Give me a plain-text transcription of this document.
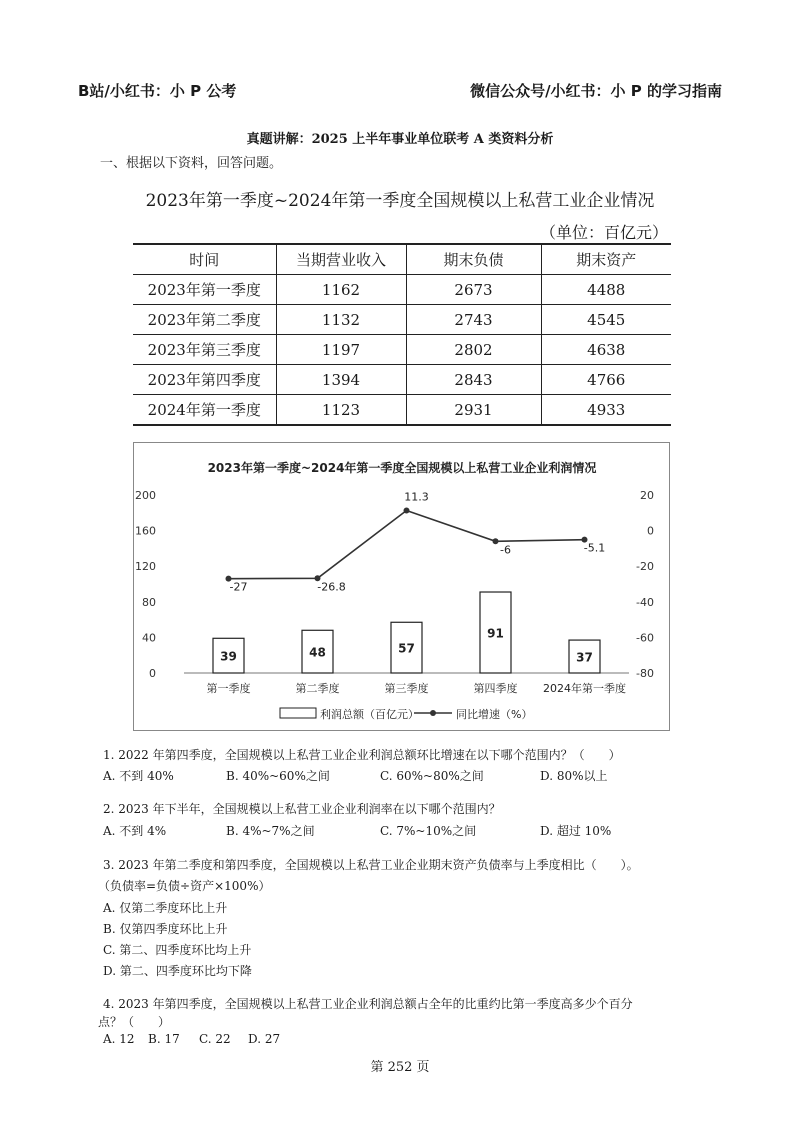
B站/小红书：小 P 公考	微信公众号/小红书：小 P 的学习指南
真题讲解：2025 上半年事业单位联考 A 类资料分析
一、根据以下资料，回答问题。
2023年第一季度~2024年第一季度全国规模以上私营工业企业情况
（单位：百亿元）
时间	当期营业收入	期末负债	期末资产
2023年第一季度	1162	2673	4488
2023年第二季度	1132	2743	4545
2023年第三季度	1197	2802	4638
2023年第四季度	1394	2843	4766
2024年第一季度	1123	2931	4933
2023年第一季度~2024年第一季度全国规模以上私营工业企业利润情况
0
40
80
120
160
200
-80
-60
-40
-20
0
20
39	48	57
91
37
-27	-26.8
11.3
-6	-5.1
第一季度	第二季度	第三季度	第四季度 2024年第一季度
利润总额（百亿元）	同比增速（%）
1. 2022 年第四季度，全国规模以上私营工业企业利润总额环比增速在以下哪个范围内？（　　）
A. 不到 40%	B. 40%~60%之间	C. 60%~80%之间	D. 80%以上
2. 2023 年下半年，全国规模以上私营工业企业利润率在以下哪个范围内？
A. 不到 4%	B. 4%~7%之间	C. 7%~10%之间	D. 超过 10%
3. 2023 年第二季度和第四季度，全国规模以上私营工业企业期末资产负债率与上季度相比（　　）。
（负债率=负债÷资产×100%）
A. 仅第二季度环比上升
B. 仅第四季度环比上升
C. 第二、四季度环比均上升
D. 第二、四季度环比均下降
4. 2023 年第四季度，全国规模以上私营工业企业利润总额占全年的比重约比第一季度高多少个百分
点？（　　）
A. 12 B. 17 C. 22 D. 27
第 252 页
